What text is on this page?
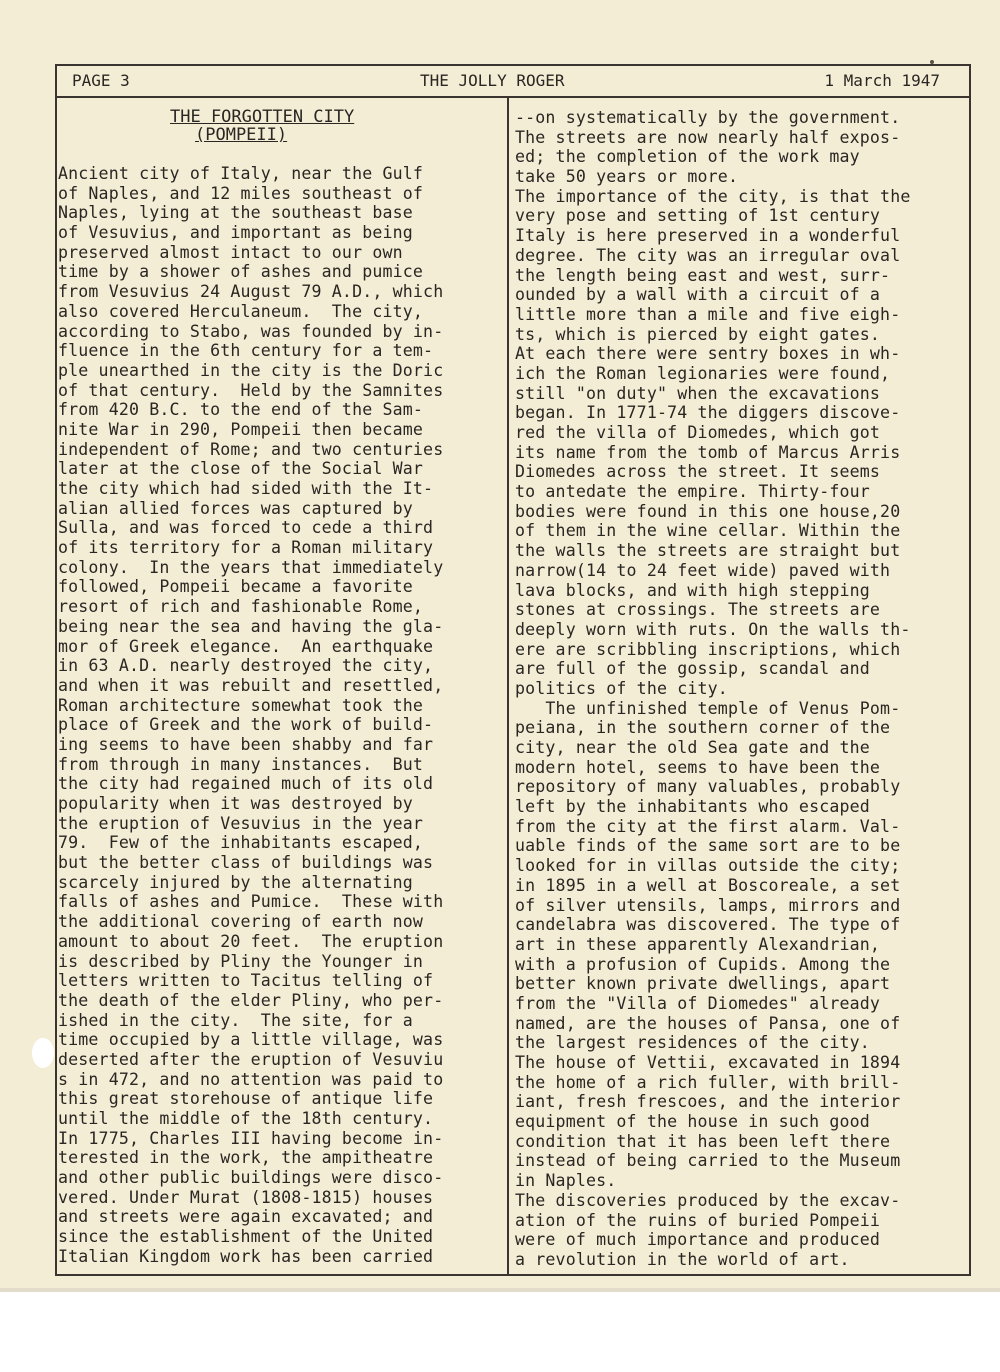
PAGE 3	THE JOLLY ROGER	1 March 1947
THE FORGOTTEN CITY
(POMPEII)
Ancient city of Italy, near the Gulf
of Naples, and 12 miles southeast of
Naples, lying at the southeast base
of Vesuvius, and important as being
preserved almost intact to our own
time by a shower of ashes and pumice
from Vesuvius 24 August 79 A.D., which
also covered Herculaneum.  The city,
according to Stabo, was founded by in-
fluence in the 6th century for a tem-
ple unearthed in the city is the Doric
of that century.  Held by the Samnites
from 420 B.C. to the end of the Sam-
nite War in 290, Pompeii then became
independent of Rome; and two centuries
later at the close of the Social War
the city which had sided with the It-
alian allied forces was captured by
Sulla, and was forced to cede a third
of its territory for a Roman military
colony.  In the years that immediately
followed, Pompeii became a favorite
resort of rich and fashionable Rome,
being near the sea and having the gla-
mor of Greek elegance.  An earthquake
in 63 A.D. nearly destroyed the city,
and when it was rebuilt and resettled,
Roman architecture somewhat took the
place of Greek and the work of build-
ing seems to have been shabby and far
from through in many instances.  But
the city had regained much of its old
popularity when it was destroyed by
the eruption of Vesuvius in the year
79.  Few of the inhabitants escaped,
but the better class of buildings was
scarcely injured by the alternating
falls of ashes and Pumice.  These with
the additional covering of earth now
amount to about 20 feet.  The eruption
is described by Pliny the Younger in
letters written to Tacitus telling of
the death of the elder Pliny, who per-
ished in the city.  The site, for a
time occupied by a little village, was
deserted after the eruption of Vesuviu
s in 472, and no attention was paid to
this great storehouse of antique life
until the middle of the 18th century.
In 1775, Charles III having become in-
terested in the work, the ampitheatre
and other public buildings were disco-
vered. Under Murat (1808-1815) houses
and streets were again excavated; and
since the establishment of the United
Italian Kingdom work has been carried
--on systematically by the government.
The streets are now nearly half expos-
ed; the completion of the work may
take 50 years or more.
The importance of the city, is that the
very pose and setting of 1st century
Italy is here preserved in a wonderful
degree. The city was an irregular oval
the length being east and west, surr-
ounded by a wall with a circuit of a
little more than a mile and five eigh-
ts, which is pierced by eight gates.
At each there were sentry boxes in wh-
ich the Roman legionaries were found,
still "on duty" when the excavations
began. In 1771-74 the diggers discove-
red the villa of Diomedes, which got
its name from the tomb of Marcus Arris
Diomedes across the street. It seems
to antedate the empire. Thirty-four
bodies were found in this one house,20
of them in the wine cellar. Within the
the walls the streets are straight but
narrow(14 to 24 feet wide) paved with
lava blocks, and with high stepping
stones at crossings. The streets are
deeply worn with ruts. On the walls th-
ere are scribbling inscriptions, which
are full of the gossip, scandal and
politics of the city.
The unfinished temple of Venus Pom-
peiana, in the southern corner of the
city, near the old Sea gate and the
modern hotel, seems to have been the
repository of many valuables, probably
left by the inhabitants who escaped
from the city at the first alarm. Val-
uable finds of the same sort are to be
looked for in villas outside the city;
in 1895 in a well at Boscoreale, a set
of silver utensils, lamps, mirrors and
candelabra was discovered. The type of
art in these apparently Alexandrian,
with a profusion of Cupids. Among the
better known private dwellings, apart
from the "Villa of Diomedes" already
named, are the houses of Pansa, one of
the largest residences of the city.
The house of Vettii, excavated in 1894
the home of a rich fuller, with brill-
iant, fresh frescoes, and the interior
equipment of the house in such good
condition that it has been left there
instead of being carried to the Museum
in Naples.
The discoveries produced by the excav-
ation of the ruins of buried Pompeii
were of much importance and produced
a revolution in the world of art.
